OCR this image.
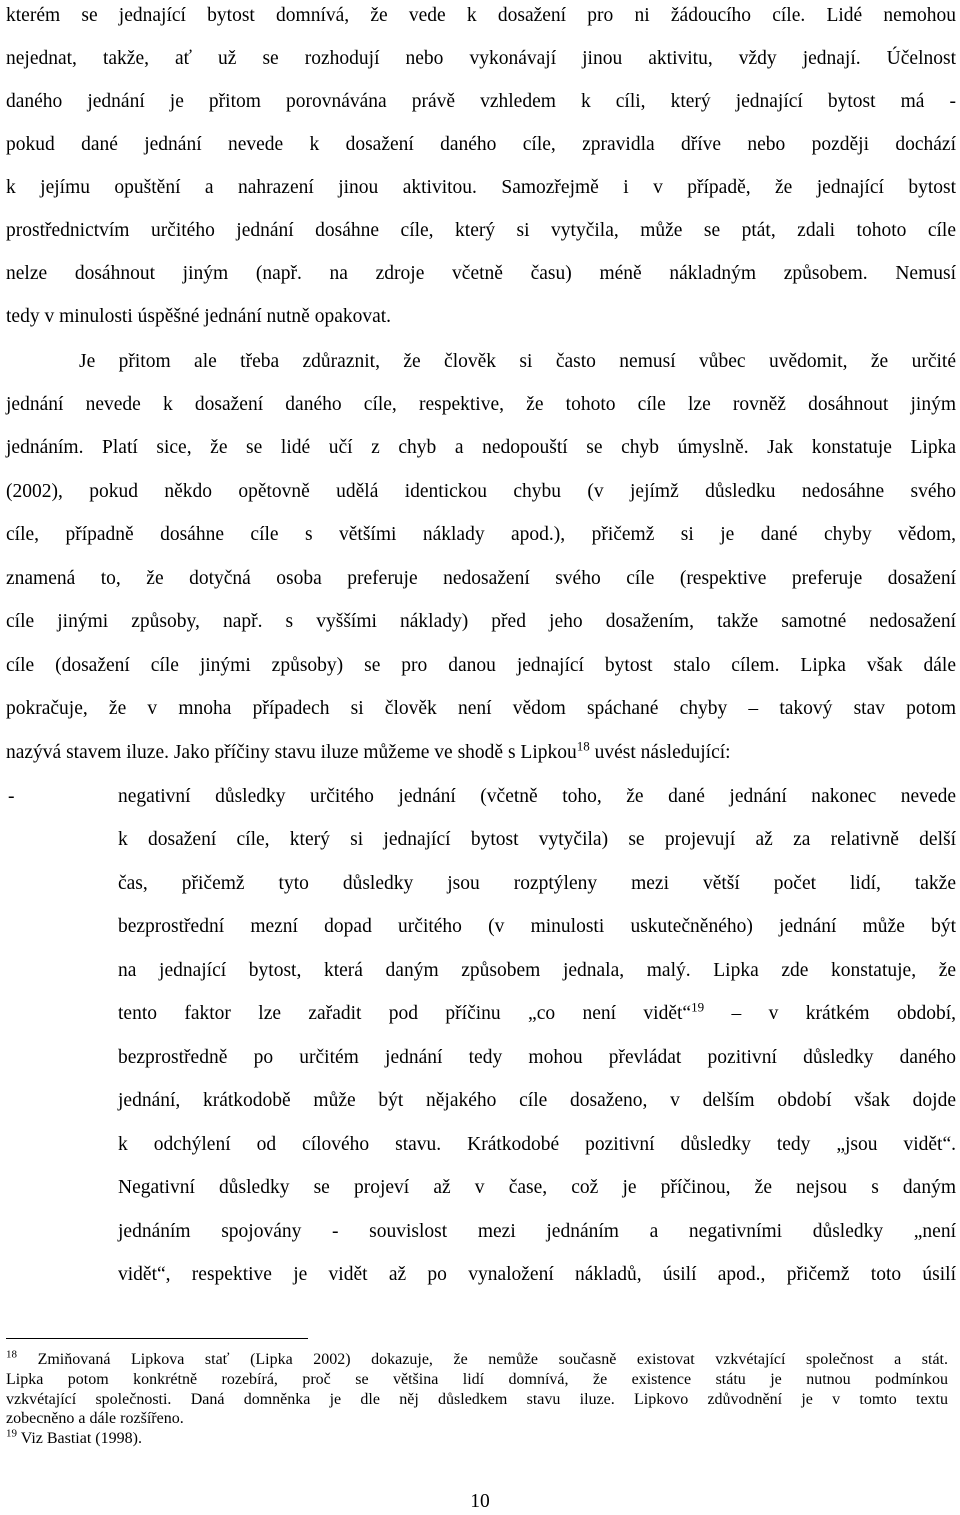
kterém se jednající bytost domnívá, že vede k dosažení pro ni žádoucího cíle. Lidé nemohou
nejednat, takže, ať už se rozhodují nebo vykonávají jinou aktivitu, vždy jednají. Účelnost
daného jednání je přitom porovnávána právě vzhledem k cíli, který jednající bytost má -
pokud dané jednání nevede k dosažení daného cíle, zpravidla dříve nebo později dochází
k jejímu opuštění a nahrazení jinou aktivitou. Samozřejmě i v případě, že jednající bytost
prostřednictvím určitého jednání dosáhne cíle, který si vytyčila, může se ptát, zdali tohoto cíle
nelze dosáhnout jiným (např. na zdroje včetně času) méně nákladným způsobem. Nemusí
tedy v minulosti úspěšné jednání nutně opakovat.
Je přitom ale třeba zdůraznit, že člověk si často nemusí vůbec uvědomit, že určité
jednání nevede k dosažení daného cíle, respektive, že tohoto cíle lze rovněž dosáhnout jiným
jednáním. Platí sice, že se lidé učí z chyb a nedopouští se chyb úmyslně. Jak konstatuje Lipka
(2002), pokud někdo opětovně udělá identickou chybu (v jejímž důsledku nedosáhne svého
cíle, případně dosáhne cíle s většími náklady apod.), přičemž si je dané chyby vědom,
znamená to, že dotyčná osoba preferuje nedosažení svého cíle (respektive preferuje dosažení
cíle jinými způsoby, např. s vyššími náklady) před jeho dosažením, takže samotné nedosažení
cíle (dosažení cíle jinými způsoby) se pro danou jednající bytost stalo cílem. Lipka však dále
pokračuje, že v mnoha případech si člověk není vědom spáchané chyby – takový stav potom
nazývá stavem iluze. Jako příčiny stavu iluze můžeme ve shodě s Lipkou$^{18}$ uvést následující:
-	negativní důsledky určitého jednání (včetně toho, že dané jednání nakonec nevede
k dosažení cíle, který si jednající bytost vytyčila) se projevují až za relativně delší
čas, přičemž tyto důsledky jsou rozptýleny mezi větší počet lidí, takže
bezprostřední mezní dopad určitého (v minulosti uskutečněného) jednání může být
na jednající bytost, která daným způsobem jednala, malý. Lipka zde konstatuje, že
tento faktor lze zařadit pod příčinu „co není vidět“$^{19}$ – v krátkém období,
bezprostředně po určitém jednání tedy mohou převládat pozitivní důsledky daného
jednání, krátkodobě může být nějakého cíle dosaženo, v delším období však dojde
k odchýlení od cílového stavu. Krátkodobé pozitivní důsledky tedy „jsou vidět“.
Negativní důsledky se projeví až v čase, což je příčinou, že nejsou s daným
jednáním spojovány - souvislost mezi jednáním a negativními důsledky „není
vidět“, respektive je vidět až po vynaložení nákladů, úsilí apod., přičemž toto úsilí
$^{18}$ Zmiňovaná Lipkova stať (Lipka 2002) dokazuje, že nemůže současně existovat vzkvétající společnost a stát.
Lipka potom konkrétně rozebírá, proč se většina lidí domnívá, že existence státu je nutnou podmínkou
vzkvétající společnosti. Daná domněnka je dle něj důsledkem stavu iluze. Lipkovo zdůvodnění je v tomto textu
zobecněno a dále rozšířeno.
$^{19}$ Viz Bastiat (1998).
10
